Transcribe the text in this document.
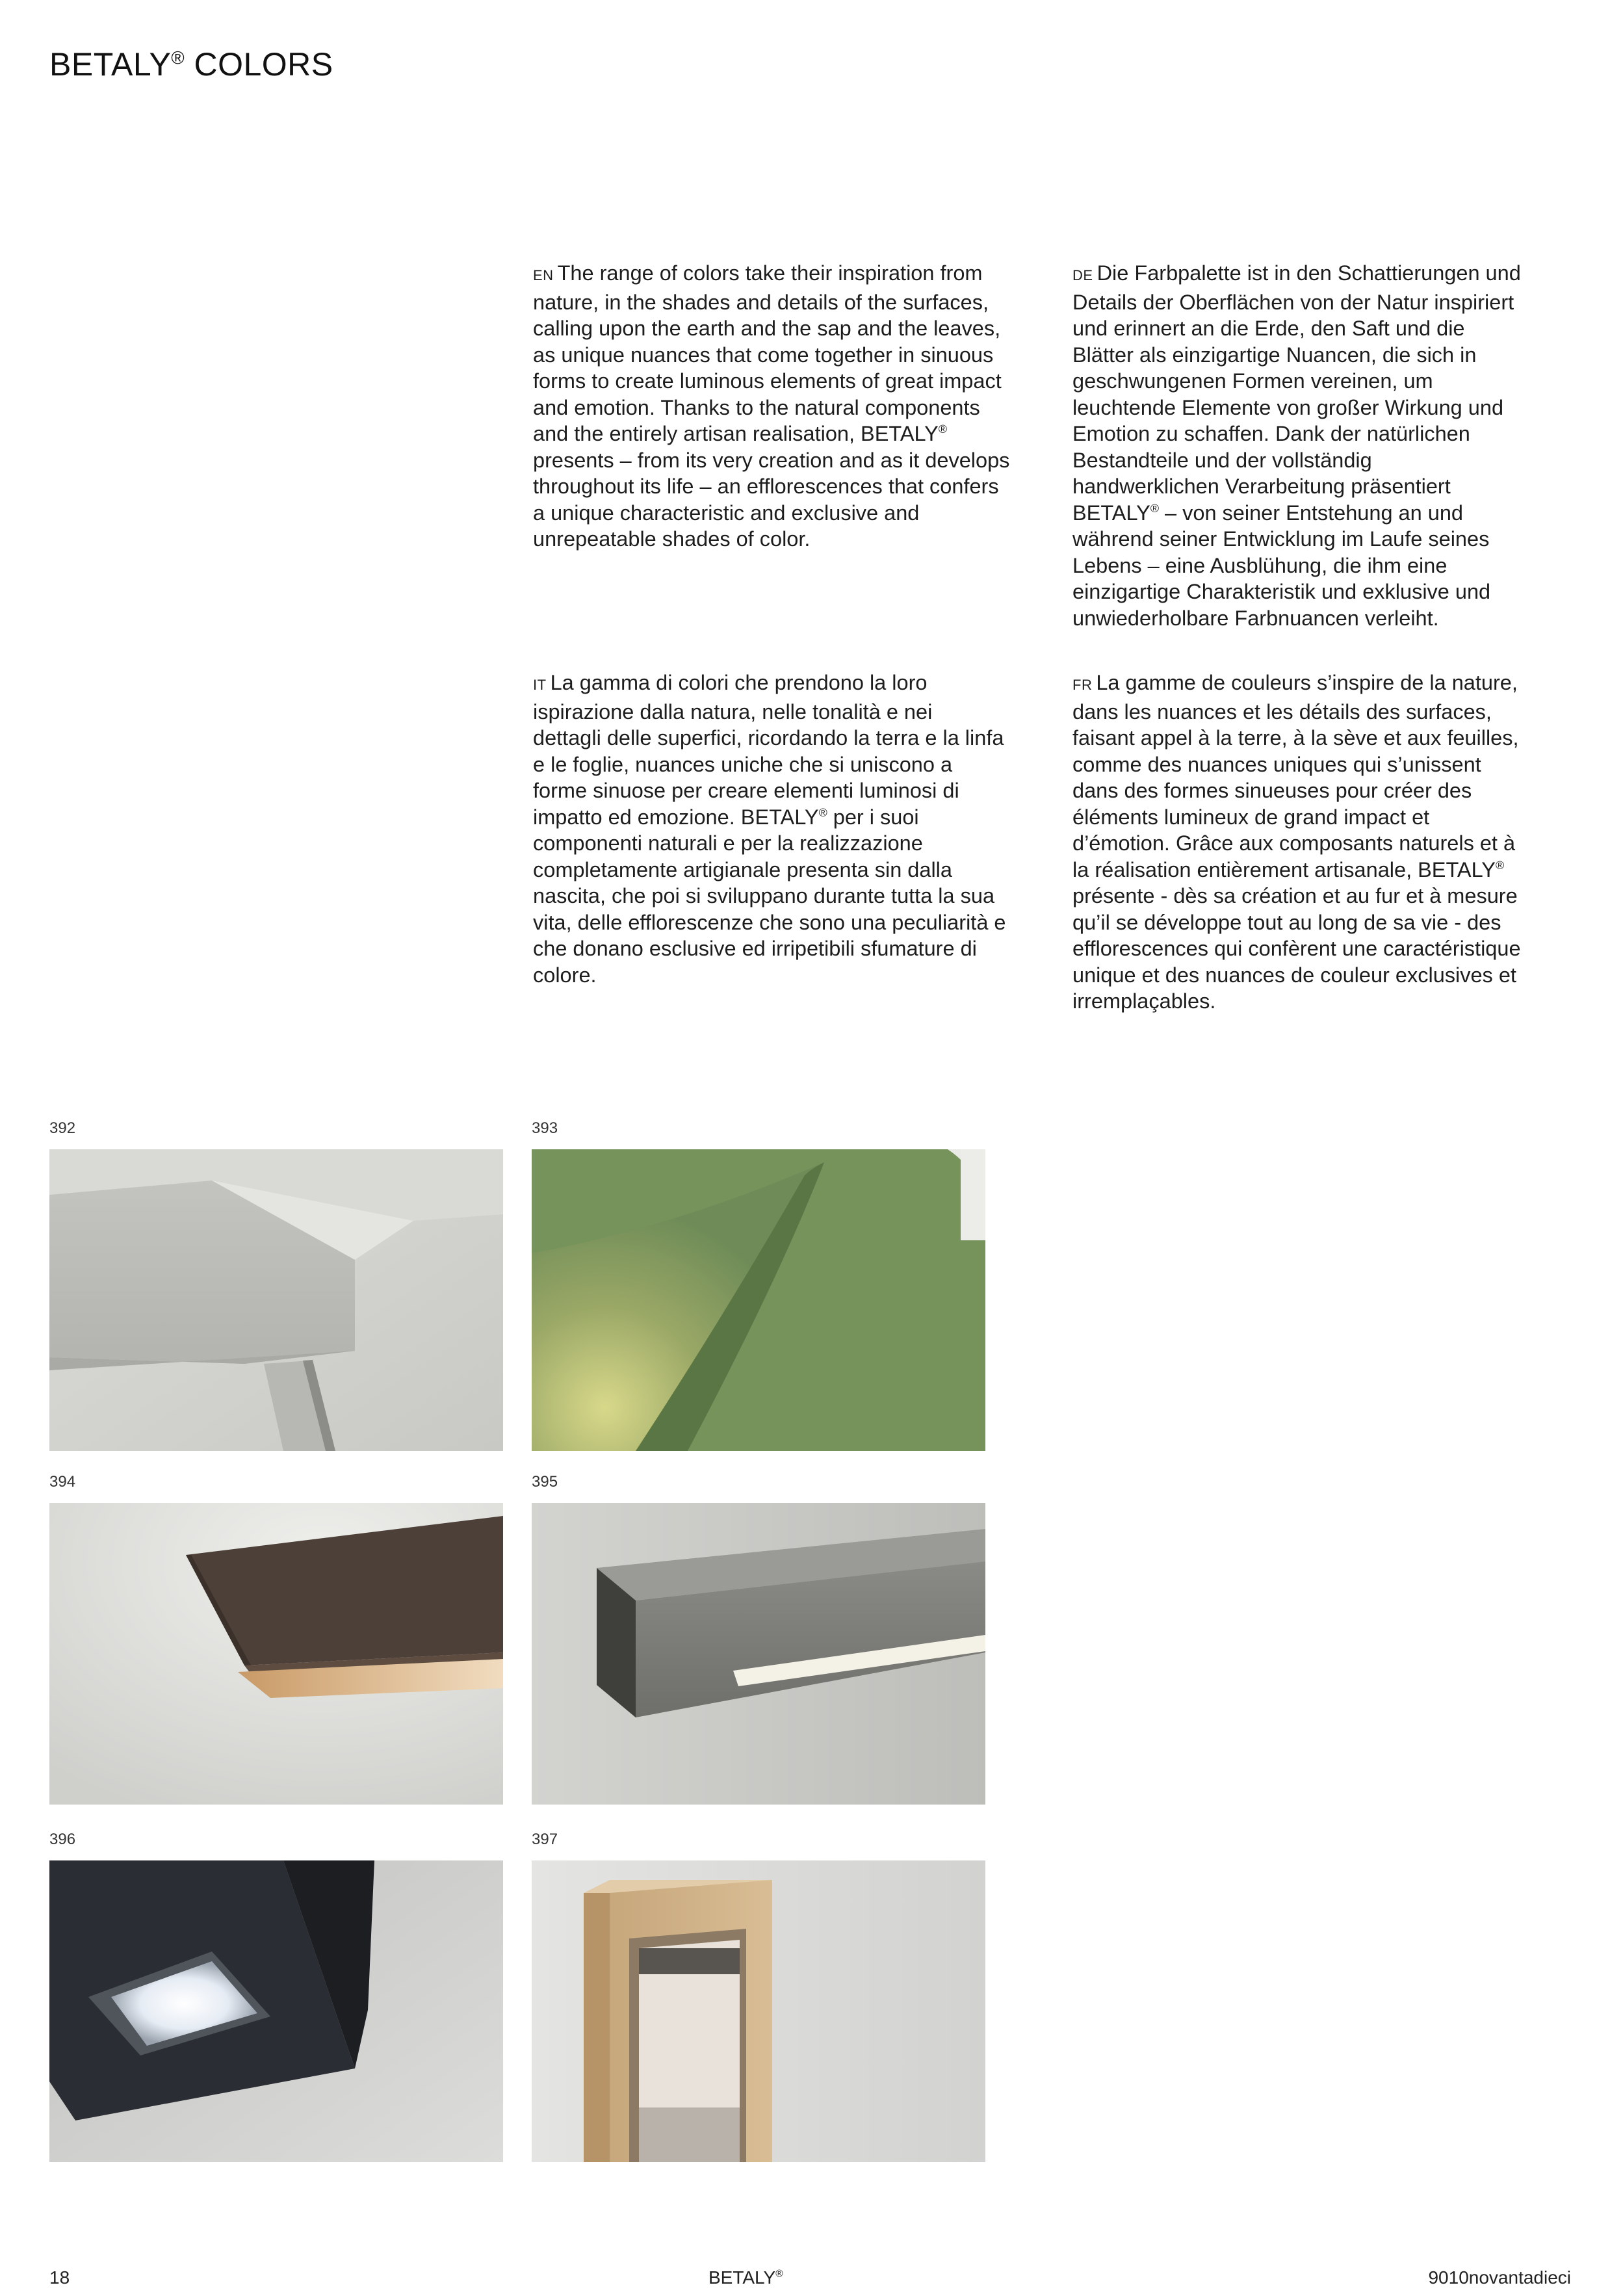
BETALY® COLORS
EN The range of colors take their inspiration from nature, in the shades and details of the surfaces, calling upon the earth and the sap and the leaves, as unique nuances that come together in sinuous forms to create luminous elements of great impact and emotion. Thanks to the natural components and the entirely artisan realisation, BETALY® presents – from its very creation and as it develops throughout its life – an efflorescences that confers a unique characteristic and exclusive and unrepeatable shades of color.
DE Die Farbpalette ist in den Schattierungen und Details der Oberflächen von der Natur inspiriert und erinnert an die Erde, den Saft und die Blätter als einzigartige Nuancen, die sich in geschwungenen Formen vereinen, um leuchtende Elemente von großer Wirkung und Emotion zu schaffen. Dank der natürlichen Bestandteile und der vollständig handwerklichen Verarbeitung präsentiert BETALY® – von seiner Entstehung an und während seiner Entwicklung im Laufe seines Lebens – eine Ausblühung, die ihm eine einzigartige Charakteristik und exklusive und unwiederholbare Farbnuancen verleiht.
IT La gamma di colori che prendono la loro ispirazione dalla natura, nelle tonalità e nei dettagli delle superfici, ricordando la terra e la linfa e le foglie, nuances uniche che si uniscono a forme sinuose per creare elementi luminosi di impatto ed emozione. BETALY® per i suoi componenti naturali e per la realizzazione completamente artigianale presenta sin dalla nascita, che poi si sviluppano durante tutta la sua vita, delle efflorescenze che sono una peculiarità e che donano esclusive ed irripetibili sfumature di colore.
FR La gamme de couleurs s’inspire de la nature, dans les nuances et les détails des surfaces, faisant appel à la terre, à la sève et aux feuilles, comme des nuances uniques qui s’unissent dans des formes sinueuses pour créer des éléments lumineux de grand impact et d’émotion. Grâce aux composants naturels et à la réalisation entièrement artisanale, BETALY® présente - dès sa création et au fur et à mesure qu’il se développe tout au long de sa vie - des efflorescences qui confèrent une caractéristique unique et des nuances de couleur exclusives et irremplaçables.
392	393
394	395
396	397
18	BETALY®	9010novantadieci
